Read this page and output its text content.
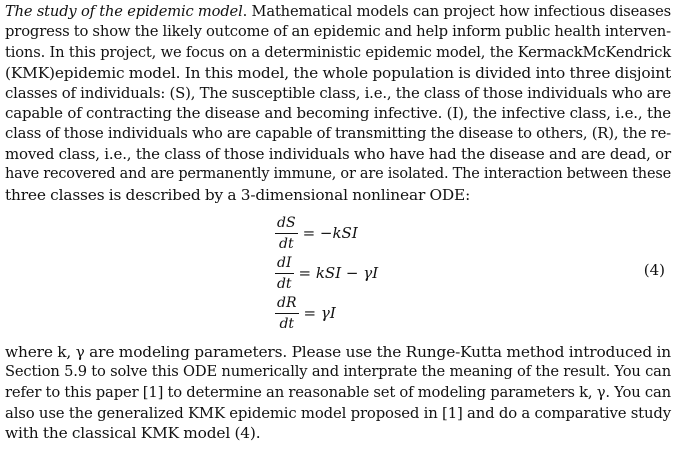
The study of the epidemic model. Mathematical models can project how infectious diseases
progress to show the likely outcome of an epidemic and help inform public health interven-
tions. In this project, we focus on a deterministic epidemic model, the KermackMcKendrick
(KMK)epidemic model. In this model, the whole population is divided into three disjoint
classes of individuals: (S), The susceptible class, i.e., the class of those individuals who are
capable of contracting the disease and becoming infective. (I), the infective class, i.e., the
class of those individuals who are capable of transmitting the disease to others, (R), the re-
moved class, i.e., the class of those individuals who have had the disease and are dead, or
have recovered and are permanently immune, or are isolated. The interaction between these
three classes is described by a 3-dimensional nonlinear ODE:

$\frac{dS}{dt} = -kSI$
$\frac{dI}{dt}$ = kSI − γI
$\frac{dR}{dt} = \gamma I$
(4)

where k, γ are modeling parameters. Please use the Runge-Kutta method introduced in
Section 5.9 to solve this ODE numerically and interprate the meaning of the result. You can
refer to this paper [1] to determine an reasonable set of modeling parameters k, γ. You can
also use the generalized KMK epidemic model proposed in [1] and do a comparative study
with the classical KMK model (4).
